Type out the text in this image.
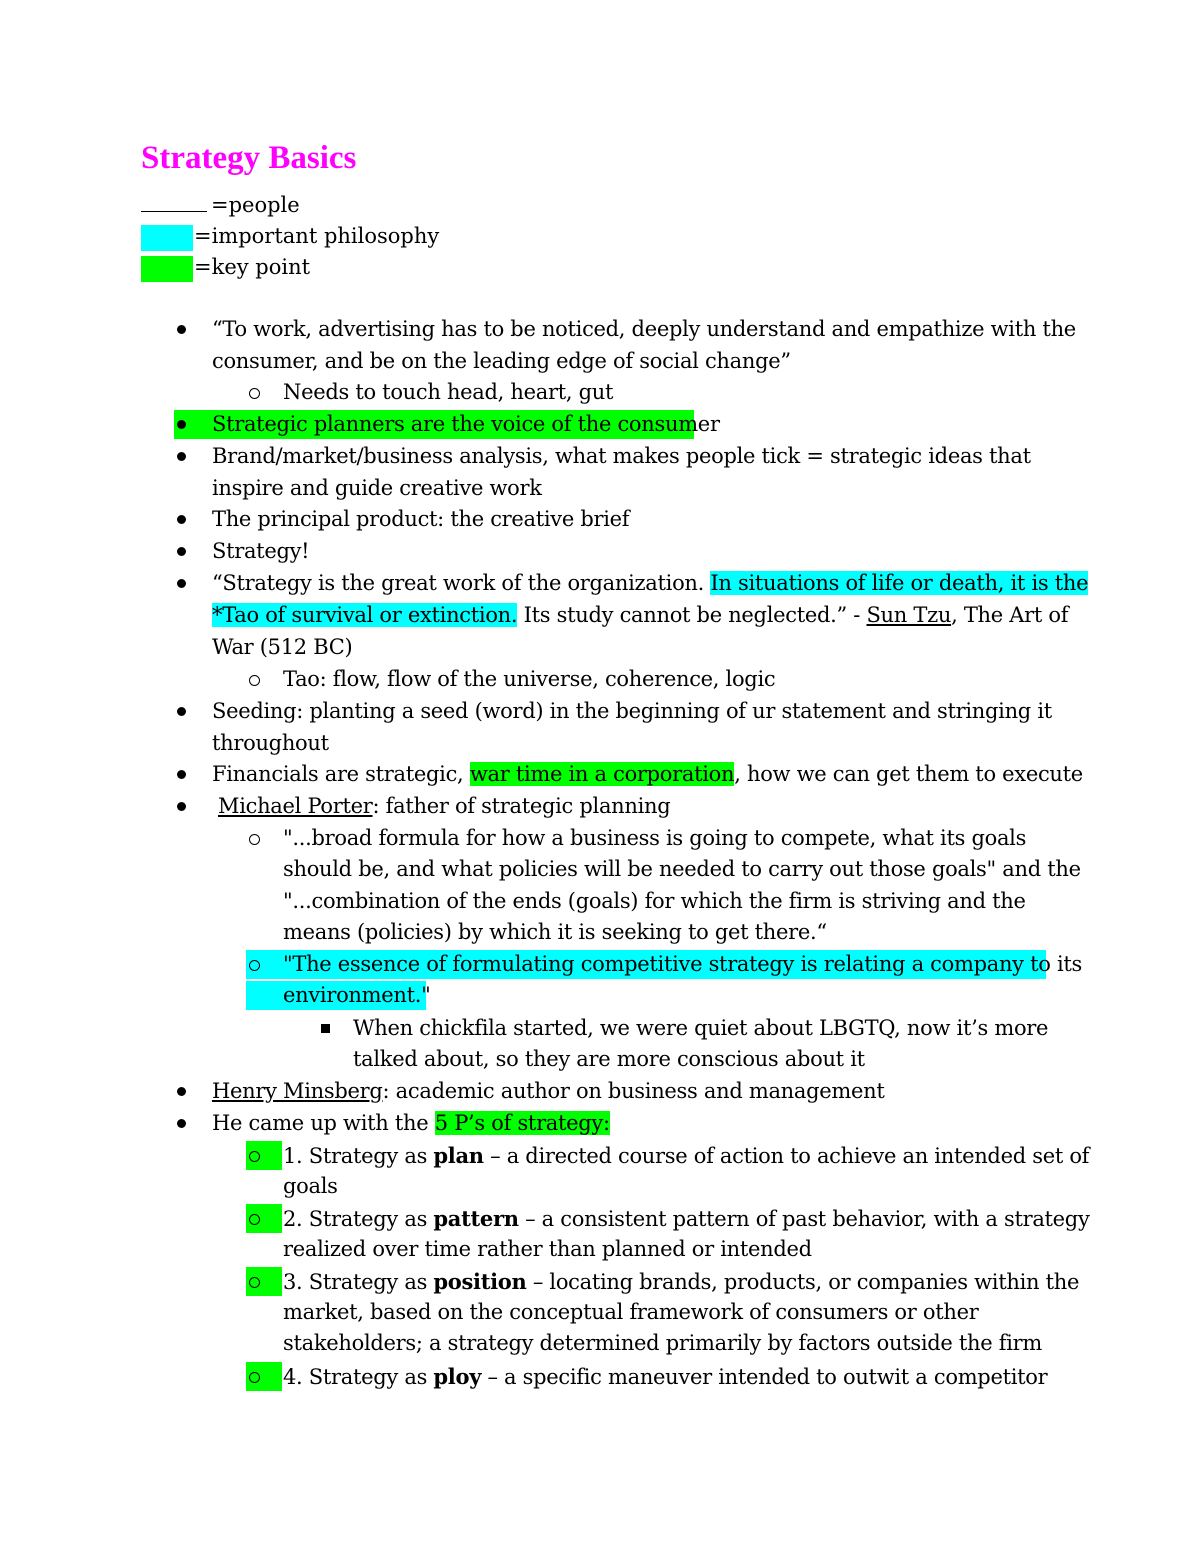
Strategy Basics
=people
=important philosophy
=key point
“To work, advertising has to be noticed, deeply understand and empathize with the
consumer, and be on the leading edge of social change”
Needs to touch head, heart, gut
Strategic planners are the voice of the consumer
Brand/market/business analysis, what makes people tick = strategic ideas that
inspire and guide creative work
The principal product: the creative brief
Strategy!
“Strategy is the great work of the organization. In situations of life or death, it is the
*Tao of survival or extinction. Its study cannot be neglected.” - Sun Tzu, The Art of
War (512 BC)
Tao: flow, flow of the universe, coherence, logic
Seeding: planting a seed (word) in the beginning of ur statement and stringing it
throughout
Financials are strategic, war time in a corporation, how we can get them to execute
Michael Porter: father of strategic planning
"...broad formula for how a business is going to compete, what its goals
should be, and what policies will be needed to carry out those goals" and the
"...combination of the ends (goals) for which the firm is striving and the
means (policies) by which it is seeking to get there.“
"The essence of formulating competitive strategy is relating a company to its
environment."
When chickfila started, we were quiet about LBGTQ, now it’s more
talked about, so they are more conscious about it
Henry Minsberg: academic author on business and management
He came up with the 5 P’s of strategy:
1. Strategy as plan – a directed course of action to achieve an intended set of
goals
2. Strategy as pattern – a consistent pattern of past behavior, with a strategy
realized over time rather than planned or intended
3. Strategy as position – locating brands, products, or companies within the
market, based on the conceptual framework of consumers or other
stakeholders; a strategy determined primarily by factors outside the firm
4. Strategy as ploy – a specific maneuver intended to outwit a competitor
